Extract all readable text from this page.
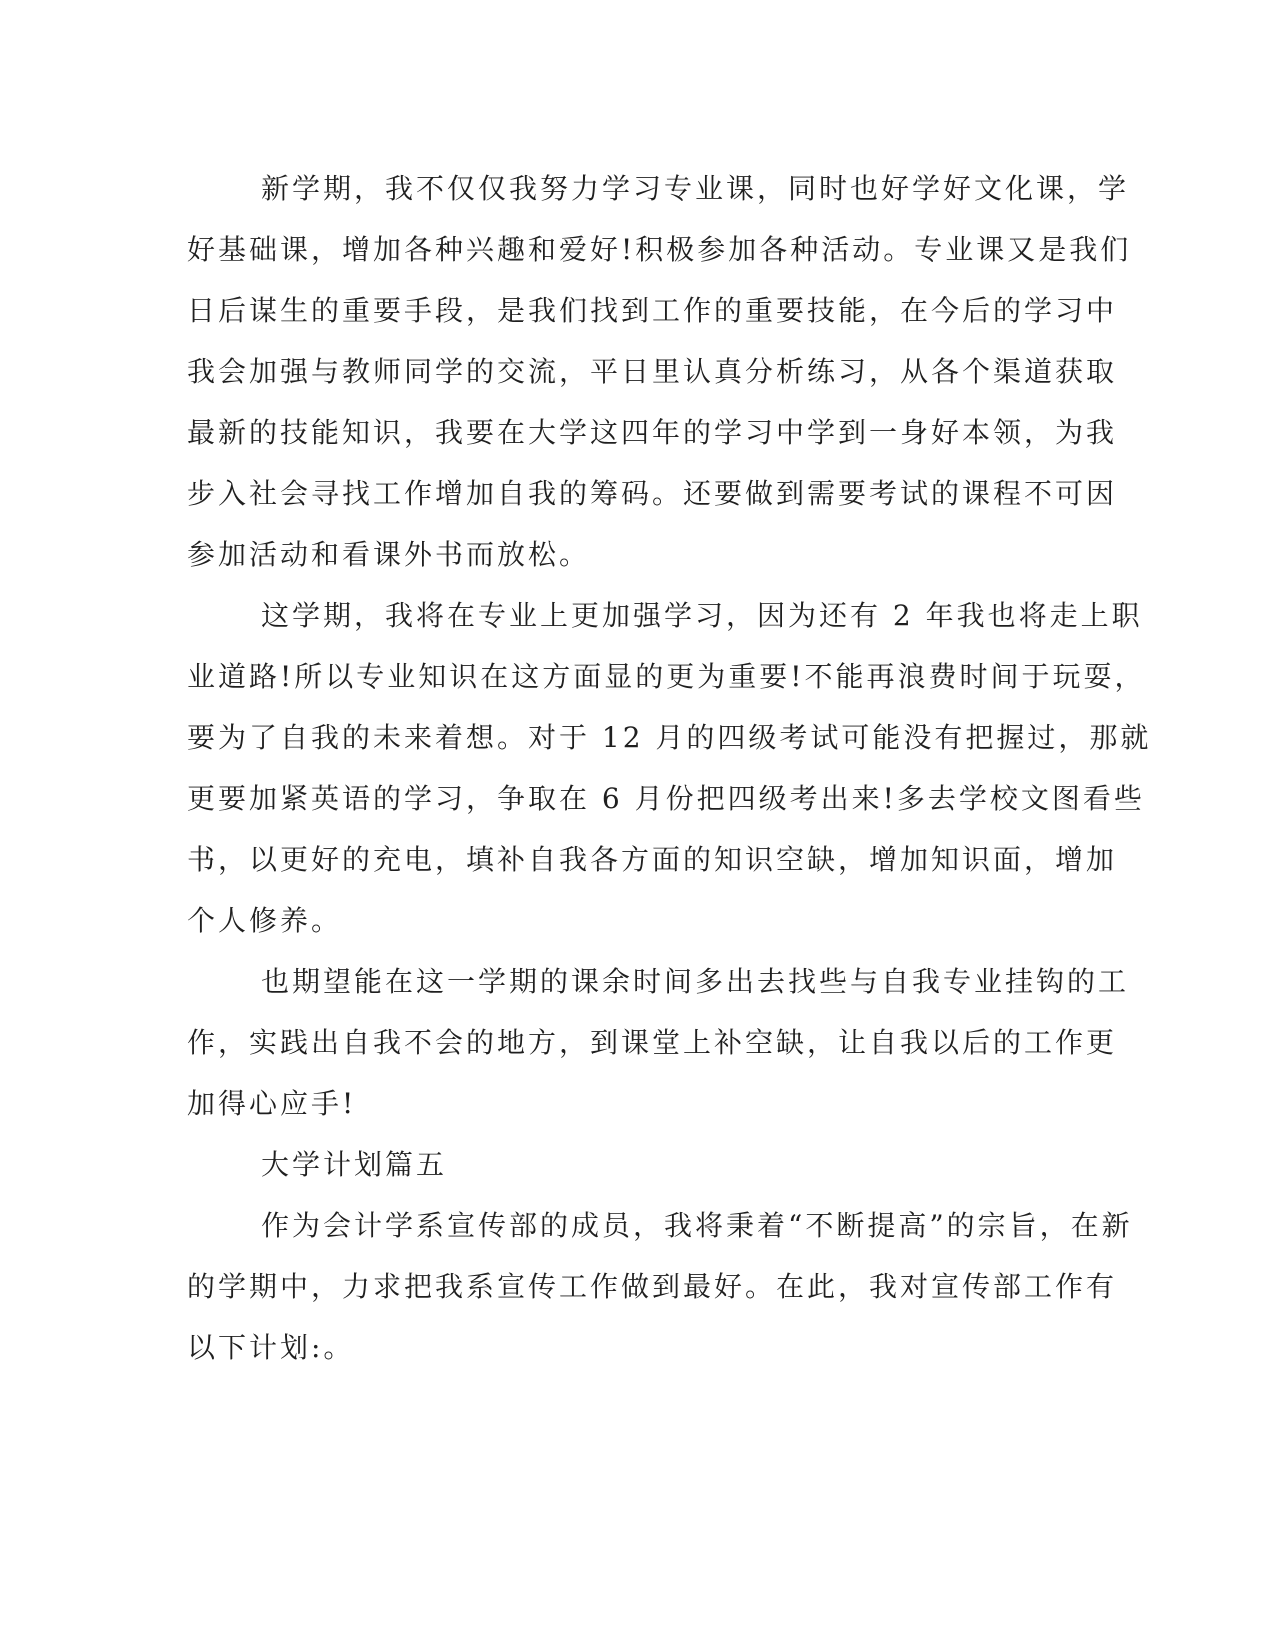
新学期，我不仅仅我努力学习专业课，同时也好学好文化课，学
好基础课，增加各种兴趣和爱好!积极参加各种活动。专业课又是我们
日后谋生的重要手段，是我们找到工作的重要技能，在今后的学习中
我会加强与教师同学的交流，平日里认真分析练习，从各个渠道获取
最新的技能知识，我要在大学这四年的学习中学到一身好本领，为我
步入社会寻找工作增加自我的筹码。还要做到需要考试的课程不可因
参加活动和看课外书而放松。
这学期，我将在专业上更加强学习，因为还有 2 年我也将走上职
业道路!所以专业知识在这方面显的更为重要!不能再浪费时间于玩耍，
要为了自我的未来着想。对于 12 月的四级考试可能没有把握过，那就
更要加紧英语的学习，争取在 6 月份把四级考出来!多去学校文图看些
书，以更好的充电，填补自我各方面的知识空缺，增加知识面，增加
个人修养。
也期望能在这一学期的课余时间多出去找些与自我专业挂钩的工
作，实践出自我不会的地方，到课堂上补空缺，让自我以后的工作更
加得心应手!
大学计划篇五
作为会计学系宣传部的成员，我将秉着“不断提高”的宗旨，在新
的学期中，力求把我系宣传工作做到最好。在此，我对宣传部工作有
以下计划:。
